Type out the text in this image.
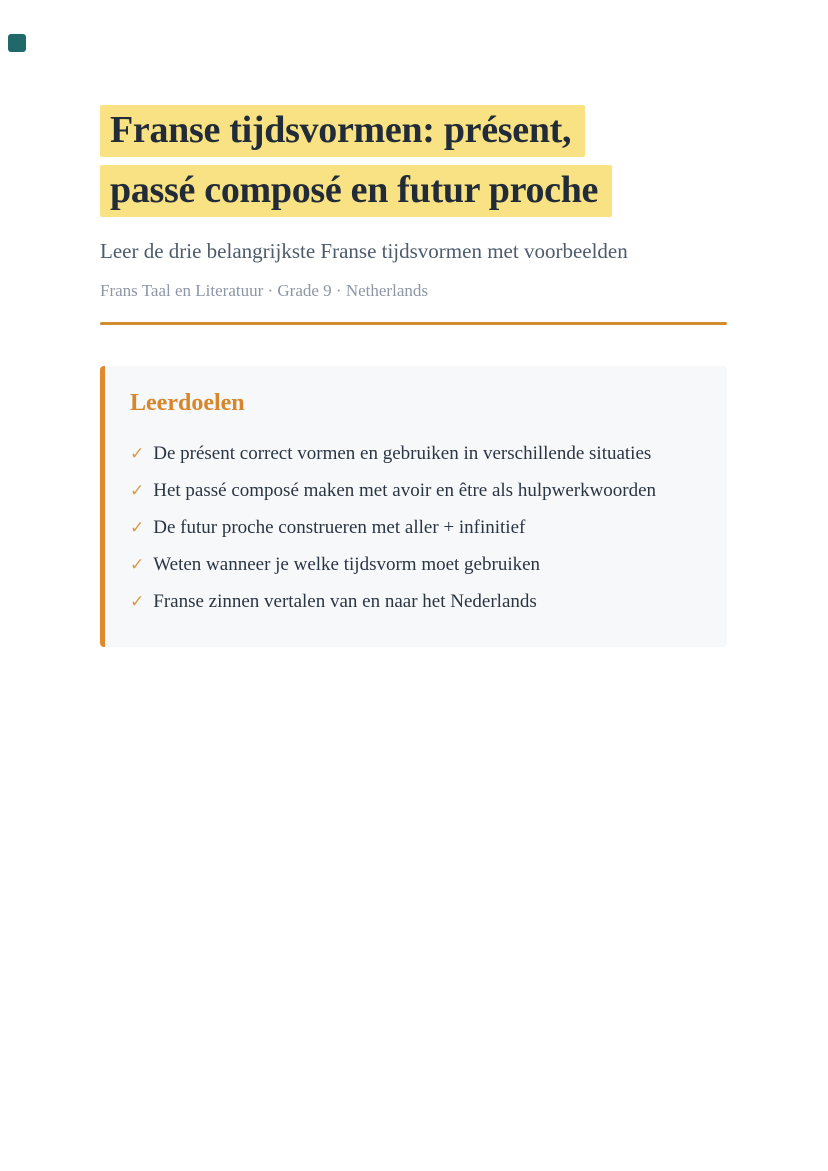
Franse tijdsvormen: présent,
passé composé en futur proche

Leer de drie belangrijkste Franse tijdsvormen met voorbeelden

Frans Taal en Literatuur · Grade 9 · Netherlands

Leerdoelen
✓ De présent correct vormen en gebruiken in verschillende situaties
✓ Het passé composé maken met avoir en être als hulpwerkwoorden
✓ De futur proche construeren met aller + infinitief
✓ Weten wanneer je welke tijdsvorm moet gebruiken
✓ Franse zinnen vertalen van en naar het Nederlands
